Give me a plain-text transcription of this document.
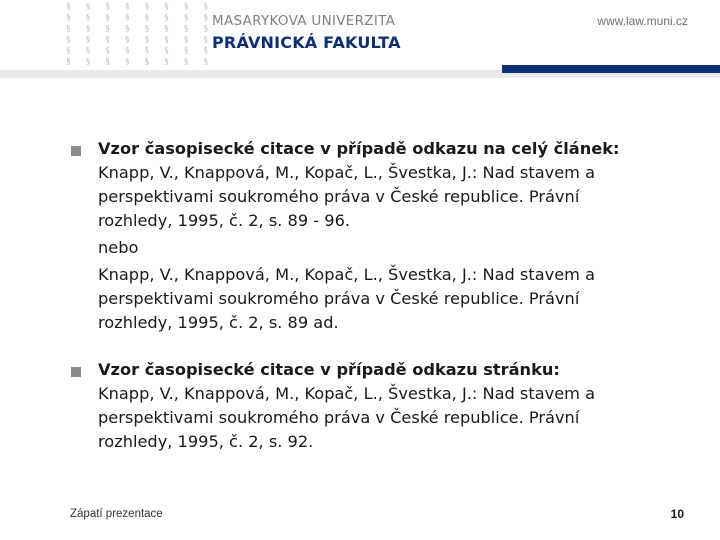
§ § § § § § § §
§ § § § § § § §
§ § § § § § § §
§ § § § § § § §
§ § § § § § § §
§ § § § § § § §
MASARYKOVA UNIVERZITA
PRÁVNICKÁ FAKULTA
www.law.muni.cz
Vzor časopisecké citace v případě odkazu na celý článek:
Knapp, V., Knappová, M., Kopač, L., Švestka, J.: Nad stavem a
perspektivami soukromého práva v České republice. Právní
rozhledy, 1995, č. 2, s. 89 - 96.
nebo
Knapp, V., Knappová, M., Kopač, L., Švestka, J.: Nad stavem a
perspektivami soukromého práva v České republice. Právní
rozhledy, 1995, č. 2, s. 89 ad.
Vzor časopisecké citace v případě odkazu stránku:
Knapp, V., Knappová, M., Kopač, L., Švestka, J.: Nad stavem a
perspektivami soukromého práva v České republice. Právní
rozhledy, 1995, č. 2, s. 92.
Zápatí prezentace	10
